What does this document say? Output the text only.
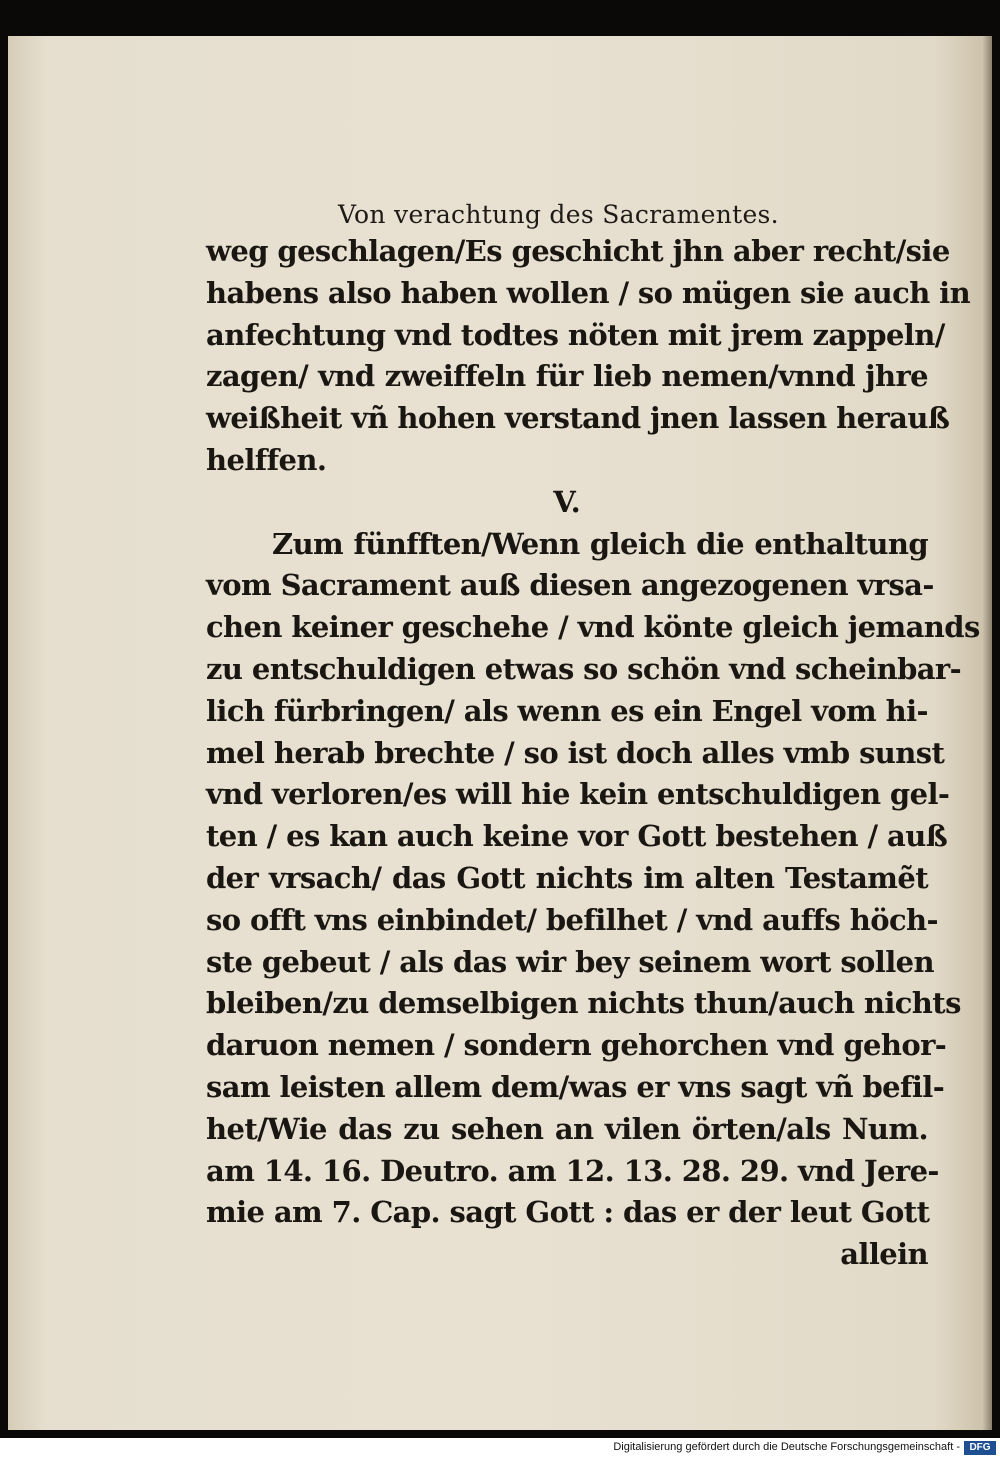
Von verachtung des Sacramentes.
weg geschlagen/Es geschicht jhn aber recht/sie
habens also haben wollen / so mügen sie auch in
anfechtung vnd todtes nöten mit jrem zappeln/
zagen/ vnd zweiffeln für lieb nemen/vnnd jhre
weißheit vñ hohen verstand jnen lassen herauß
helffen.
V.
Zum fünfften/Wenn gleich die enthaltung
vom Sacrament auß diesen angezogenen vrsa-
chen keiner geschehe / vnd könte gleich jemands
zu entschuldigen etwas so schön vnd scheinbar-
lich fürbringen/ als wenn es ein Engel vom hi-
mel herab brechte / so ist doch alles vmb sunst
vnd verloren/es will hie kein entschuldigen gel-
ten / es kan auch keine vor Gott bestehen / auß
der vrsach/ das Gott nichts im alten Testamẽt
so offt vns einbindet/ befilhet / vnd auffs höch-
ste gebeut / als das wir bey seinem wort sollen
bleiben/zu demselbigen nichts thun/auch nichts
daruon nemen / sondern gehorchen vnd gehor-
sam leisten allem dem/was er vns sagt vñ befil-
het/Wie das zu sehen an vilen örten/als Num.
am 14. 16. Deutro. am 12. 13. 28. 29. vnd Jere-
mie am 7. Cap. sagt Gott : das er der leut Gott
allein
Digitalisierung gefördert durch die Deutsche Forschungsgemeinschaft - DFG
